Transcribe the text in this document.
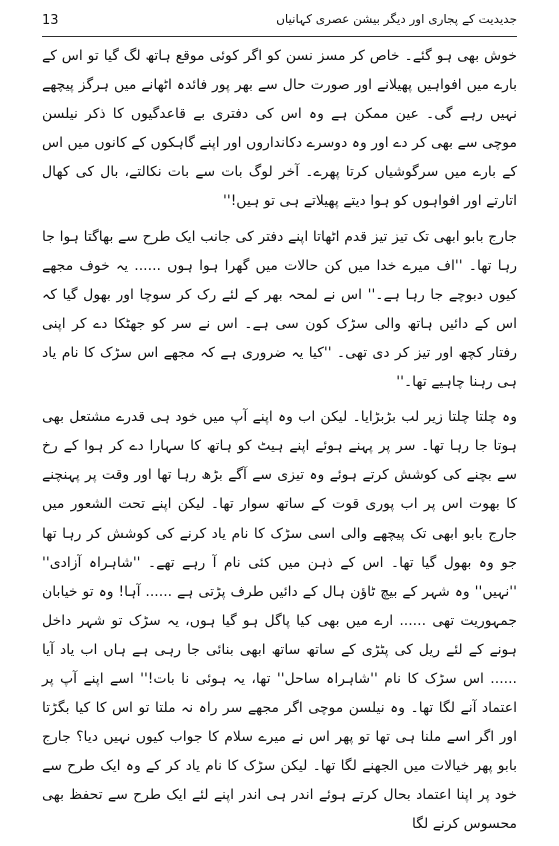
13	جدیدیت کے پجاری اور دیگر بیشن عصری کہانیاں

خوش بھی ہو گئے۔ خاص کر مسز نسن کو اگر کوئی موقع ہاتھ لگ گیا تو اس کے بارے میں افواہیں پھیلانے اور صورت حال سے بھر پور فائدہ اٹھانے میں ہرگز پیچھے نہیں رہے گی۔ عین ممکن ہے وہ اس کی دفتری بے قاعدگیوں کا ذکر نیلسن موچی سے بھی کر دے اور وہ دوسرے دکانداروں اور اپنے گاہکوں کے کانوں میں اس کے بارے میں سرگوشیاں کرتا پھرے۔ آخر لوگ بات سے بات نکالتے، بال کی کھال اتارتے اور افواہوں کو ہوا دیتے پھیلاتے ہی تو ہیں!''

جارج بابو ابھی تک تیز تیز قدم اٹھاتا اپنے دفتر کی جانب ایک طرح سے بھاگتا ہوا جا رہا تھا۔ ''اف میرے خدا میں کن حالات میں گھرا ہوا ہوں ...... یہ خوف مجھے کیوں دبوچے جا رہا ہے۔'' اس نے لمحہ بھر کے لئے رک کر سوچا اور بھول گیا کہ اس کے دائیں ہاتھ والی سڑک کون سی ہے۔ اس نے سر کو جھٹکا دے کر اپنی رفتار کچھ اور تیز کر دی تھی۔ ''کیا یہ ضروری ہے کہ مجھے اس سڑک کا نام یاد ہی رہنا چاہیے تھا۔''

وہ چلتا چلتا زیر لب بڑبڑایا۔ لیکن اب وہ اپنے آپ میں خود ہی قدرے مشتعل بھی ہوتا جا رہا تھا۔ سر پر پہنے ہوئے اپنے ہیٹ کو ہاتھ کا سہارا دے کر ہوا کے رخ سے بچنے کی کوشش کرتے ہوئے وہ تیزی سے آگے بڑھ رہا تھا اور وقت پر پہنچنے کا بھوت اس پر اب پوری قوت کے ساتھ سوار تھا۔ لیکن اپنے تحت الشعور میں جارج بابو ابھی تک پیچھے والی اسی سڑک کا نام یاد کرنے کی کوشش کر رہا تھا جو وہ بھول گیا تھا۔ اس کے ذہن میں کئی نام آ رہے تھے۔ ''شاہراہ آزادی'' ''نہیں'' وہ شہر کے بیچ ٹاؤن ہال کے دائیں طرف پڑتی ہے ...... آہا! وہ تو خیابان جمہوریت تھی ...... ارے میں بھی کیا پاگل ہو گیا ہوں، یہ سڑک تو شہر داخل ہونے کے لئے ریل کی پٹڑی کے ساتھ ساتھ ابھی بنائی جا رہی ہے ہاں اب یاد آیا ...... اس سڑک کا نام ''شاہراہ ساحل'' تھا، یہ ہوئی نا بات!'' اسے اپنے آپ پر اعتماد آنے لگا تھا۔ وہ نیلسن موچی اگر مجھے سر راہ نہ ملتا تو اس کا کیا بگڑتا اور اگر اسے ملنا ہی تھا تو پھر اس نے میرے سلام کا جواب کیوں نہیں دیا؟ جارج بابو پھر خیالات میں الجھنے لگا تھا۔ لیکن سڑک کا نام یاد کر کے وہ ایک طرح سے خود پر اپنا اعتماد بحال کرتے ہوئے اندر ہی اندر اپنے لئے ایک طرح سے تحفظ بھی محسوس کرنے لگا
